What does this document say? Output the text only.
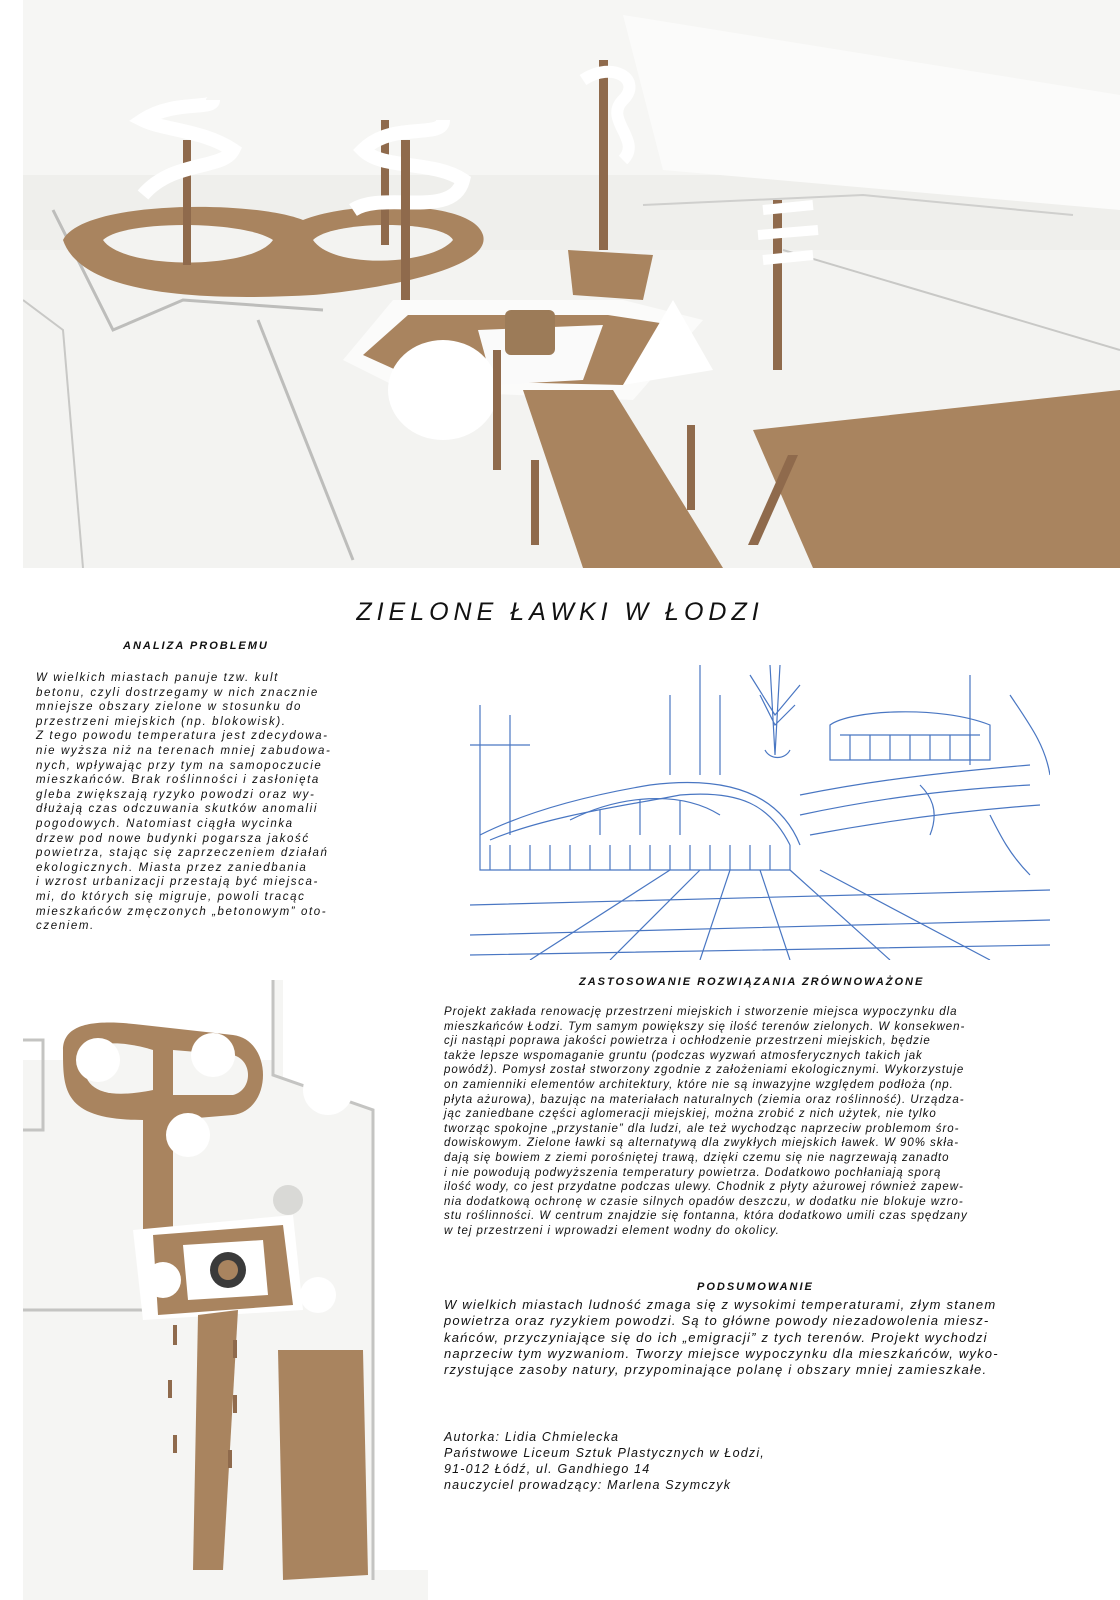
ZIELONE ŁAWKI W ŁODZI
ANALIZA PROBLEMU
W wielkich miastach panuje tzw. kult
betonu, czyli dostrzegamy w nich znacznie
mniejsze obszary zielone w stosunku do
przestrzeni miejskich (np. blokowisk).
Z tego powodu temperatura jest zdecydowa-
nie wyższa niż na terenach mniej zabudowa-
nych, wpływając przy tym na samopoczucie
mieszkańców. Brak roślinności i zasłonięta
gleba zwiększają ryzyko powodzi oraz wy-
dłużają czas odczuwania skutków anomalii
pogodowych. Natomiast ciągła wycinka
drzew pod nowe budynki pogarsza jakość
powietrza, stając się zaprzeczeniem działań
ekologicznych. Miasta przez zaniedbania
i wzrost urbanizacji przestają być miejsca-
mi, do których się migruje, powoli tracąc
mieszkańców zmęczonych „betonowym” oto-
czeniem.
ZASTOSOWANIE ROZWIĄZANIA ZRÓWNOWAŻONE
Projekt zakłada renowację przestrzeni miejskich i stworzenie miejsca wypoczynku dla
mieszkańców Łodzi. Tym samym powiększy się ilość terenów zielonych. W konsekwen-
cji nastąpi poprawa jakości powietrza i ochłodzenie przestrzeni miejskich, będzie
także lepsze wspomaganie gruntu (podczas wyzwań atmosferycznych takich jak
powódź). Pomysł został stworzony zgodnie z założeniami ekologicznymi. Wykorzystuje
on zamienniki elementów architektury, które nie są inwazyjne względem podłoża (np.
płyta ażurowa), bazując na materiałach naturalnych (ziemia oraz roślinność). Urządza-
jąc zaniedbane części aglomeracji miejskiej, można zrobić z nich użytek, nie tylko
tworząc spokojne „przystanie” dla ludzi, ale też wychodząc naprzeciw problemom śro-
dowiskowym. Zielone ławki są alternatywą dla zwykłych miejskich ławek. W 90% skła-
dają się bowiem z ziemi porośniętej trawą, dzięki czemu się nie nagrzewają zanadto
i nie powodują podwyższenia temperatury powietrza. Dodatkowo pochłaniają sporą
ilość wody, co jest przydatne podczas ulewy. Chodnik z płyty ażurowej również zapew-
nia dodatkową ochronę w czasie silnych opadów deszczu, w dodatku nie blokuje wzro-
stu roślinności. W centrum znajdzie się fontanna, która dodatkowo umili czas spędzany
w tej przestrzeni i wprowadzi element wodny do okolicy.
PODSUMOWANIE
W wielkich miastach ludność zmaga się z wysokimi temperaturami, złym stanem
powietrza oraz ryzykiem powodzi. Są to główne powody niezadowolenia miesz-
kańców, przyczyniające się do ich „emigracji” z tych terenów. Projekt wychodzi
naprzeciw tym wyzwaniom. Tworzy miejsce wypoczynku dla mieszkańców, wyko-
rzystujące zasoby natury, przypominające polanę i obszary mniej zamieszkałe.
Autorka: Lidia Chmielecka
Państwowe Liceum Sztuk Plastycznych w Łodzi,
91-012 Łódź, ul. Gandhiego 14
nauczyciel prowadzący: Marlena Szymczyk
